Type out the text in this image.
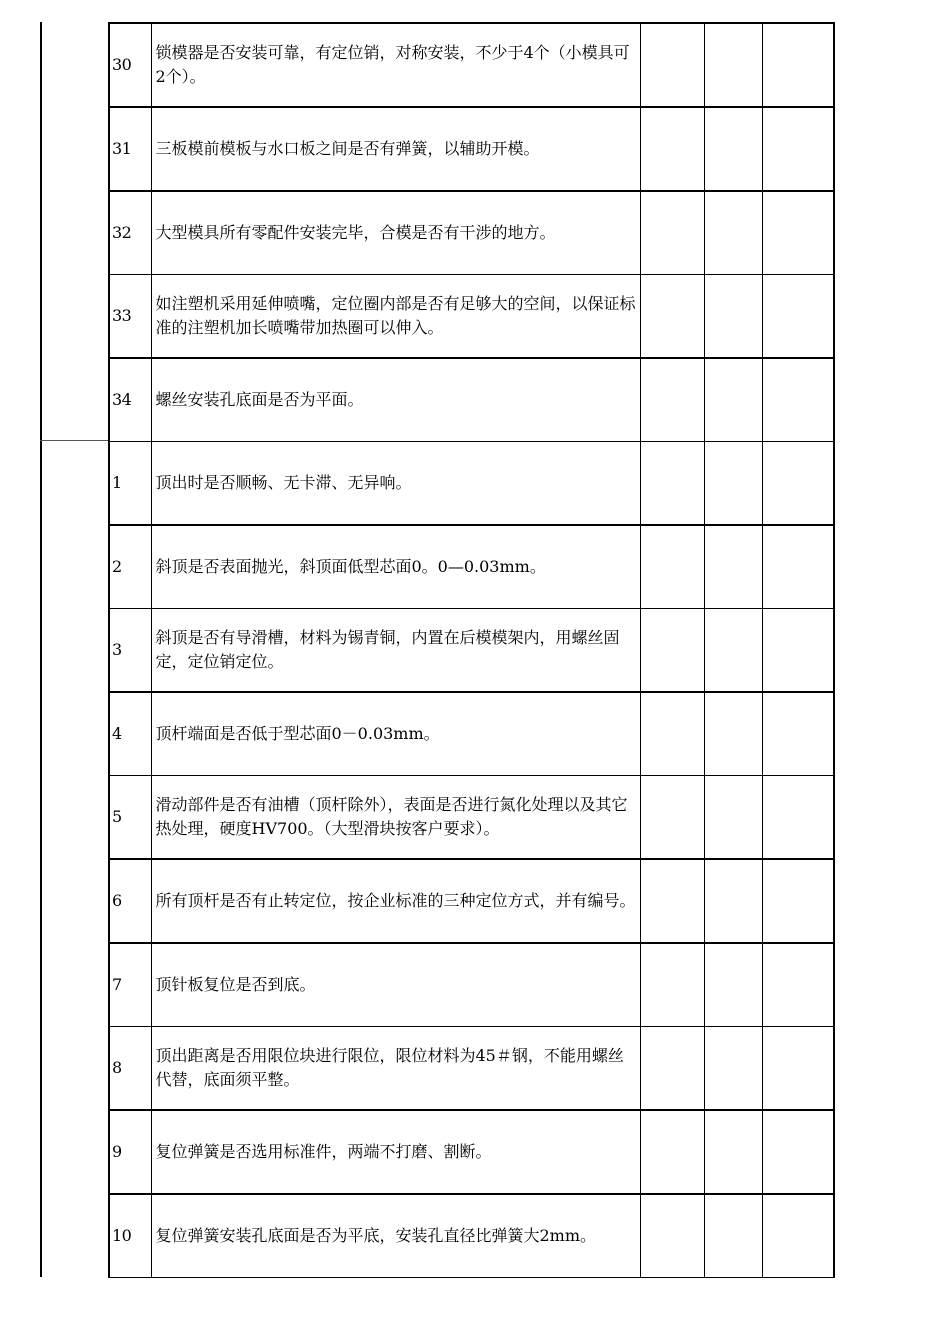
30	锁模器是否安装可靠，有定位销，对称安装，不少于4个（小模具可2个）。			

31	三板模前模板与水口板之间是否有弹簧，以辅助开模。			

32	大型模具所有零配件安装完毕，合模是否有干涉的地方。			

33	如注塑机采用延伸喷嘴，定位圈内部是否有足够大的空间，以保证标准的注塑机加长喷嘴带加热圈可以伸入。			

34	螺丝安装孔底面是否为平面。			

1	顶出时是否顺畅、无卡滞、无异响。			

2	斜顶是否表面抛光，斜顶面低型芯面0。0—0.03mm。			

3	斜顶是否有导滑槽，材料为锡青铜，内置在后模模架内，用螺丝固定，定位销定位。			

4	顶杆端面是否低于型芯面0－0.03mm。			

5	滑动部件是否有油槽（顶杆除外），表面是否进行氮化处理以及其它热处理，硬度HV700。（大型滑块按客户要求）。			

6	所有顶杆是否有止转定位，按企业标准的三种定位方式，并有编号。			

7	顶针板复位是否到底。			

8	顶出距离是否用限位块进行限位，限位材料为45＃钢，不能用螺丝代替，底面须平整。			

9	复位弹簧是否选用标准件，两端不打磨、割断。			

10	复位弹簧安装孔底面是否为平底，安装孔直径比弹簧大2mm。			
